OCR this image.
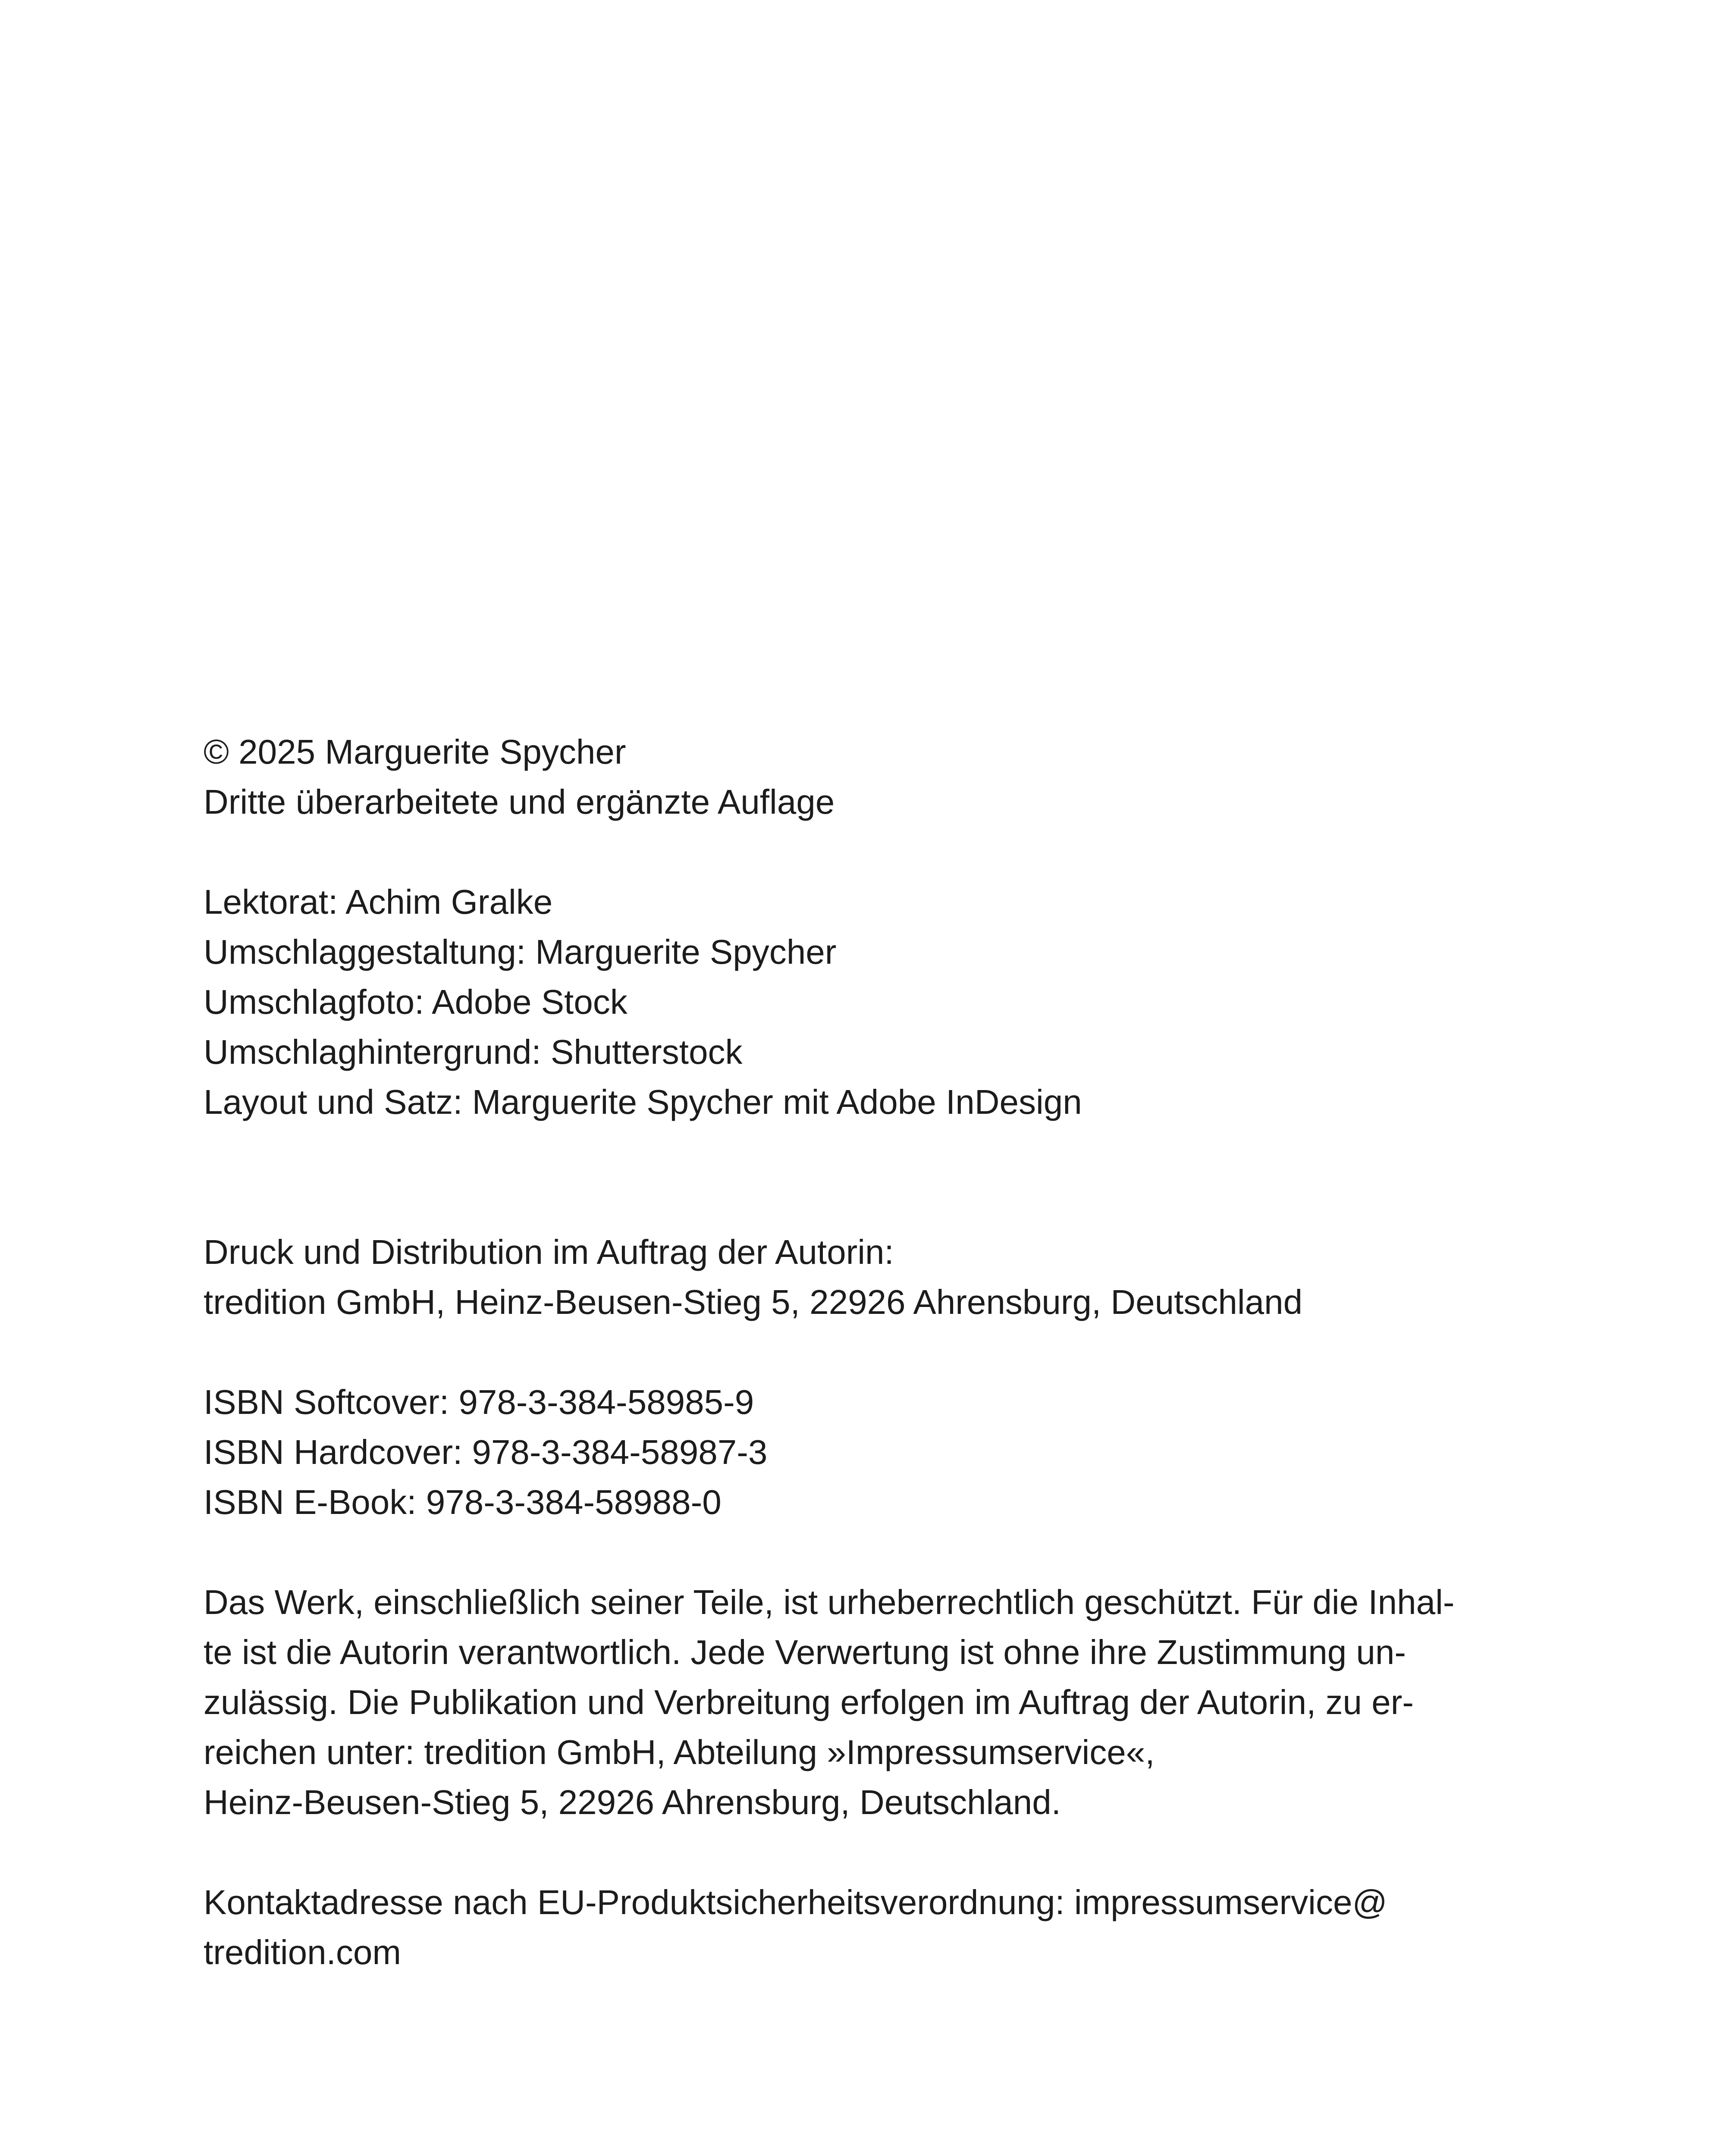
© 2025 Marguerite Spycher
Dritte überarbeitete und ergänzte Auflage
Lektorat: Achim Gralke
Umschlaggestaltung: Marguerite Spycher
Umschlagfoto: Adobe Stock
Umschlaghintergrund: Shutterstock
Layout und Satz: Marguerite Spycher mit Adobe InDesign
Druck und Distribution im Auftrag der Autorin:
tredition GmbH, Heinz-Beusen-Stieg 5, 22926 Ahrensburg, Deutschland
ISBN Softcover: 978-3-384-58985-9
ISBN Hardcover: 978-3-384-58987-3
ISBN E-Book: 978-3-384-58988-0
Das Werk, einschließlich seiner Teile, ist urheberrechtlich geschützt. Für die Inhal-
te ist die Autorin verantwortlich. Jede Verwertung ist ohne ihre Zustimmung un-
zulässig. Die Publikation und Verbreitung erfolgen im Auftrag der Autorin, zu er-
reichen unter: tredition GmbH, Abteilung »Impressumservice«,
Heinz-Beusen-Stieg 5, 22926 Ahrensburg, Deutschland.
Kontaktadresse nach EU-Produktsicherheitsverordnung: impressumservice@
tredition.com
